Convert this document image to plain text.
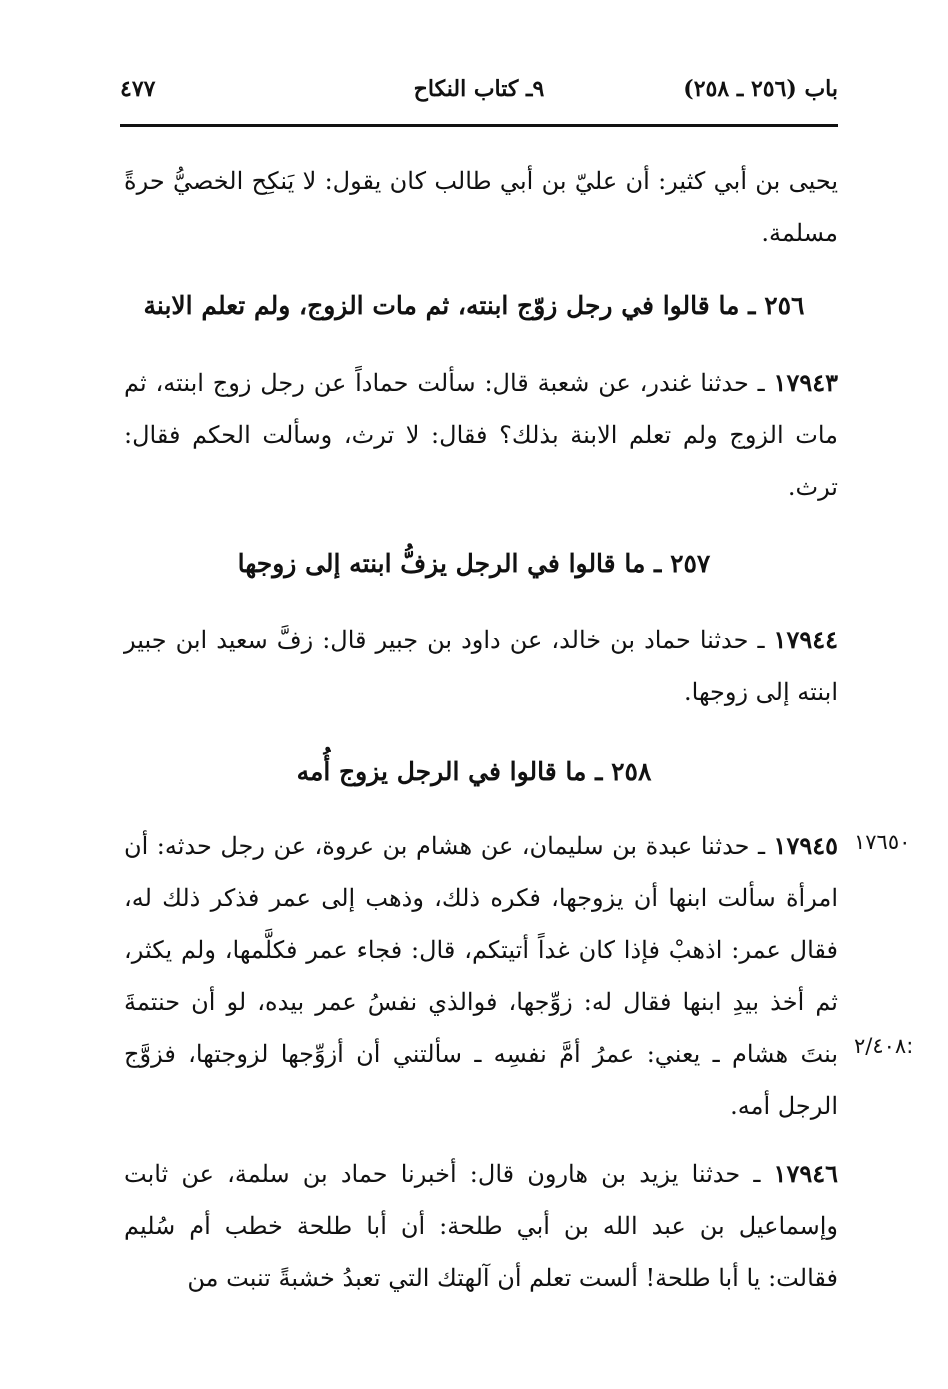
باب (٢٥٦ ـ ٢٥٨)
٩ـ كتاب النكاح
٤٧٧

يحيى بن أبي كثير: أن عليّ بن أبي طالب كان يقول: لا يَنكِح الخصيُّ حرةً مسلمة.

٢٥٦ ـ ما قالوا في رجل زوّج ابنته، ثم مات الزوج، ولم تعلم الابنة

١٧٩٤٣ ـ حدثنا غندر، عن شعبة قال: سألت حماداً عن رجل زوج ابنته، ثم مات الزوج ولم تعلم الابنة بذلك؟ فقال: لا ترث، وسألت الحكم فقال: ترث.

٢٥٧ ـ ما قالوا في الرجل يزفُّ ابنته إلى زوجها

١٧٩٤٤ ـ حدثنا حماد بن خالد، عن داود بن جبير قال: زفَّ سعيد ابن جبير ابنته إلى زوجها.

٢٥٨ ـ ما قالوا في الرجل يزوج أُمه

١٧٩٤٥ ـ حدثنا عبدة بن سليمان، عن هشام بن عروة، عن رجل حدثه: أن امرأة سألت ابنها أن يزوجها، فكره ذلك، وذهب إلى عمر فذكر ذلك له، فقال عمر: اذهبْ فإذا كان غداً أتيتكم، قال: فجاء عمر فكلَّمها، ولم يكثر، ثم أخذ بيدِ ابنها فقال له: زوِّجها، فوالذي نفسُ عمر بيده، لو أن حنتمةَ بنتَ هشام ـ يعني: عمرُ أمَّ نفسِه ـ سألتني أن أزوِّجها لزوجتها، فزوَّج الرجل أمه.

١٧٦٥٠
٢/٤٠٨:

١٧٩٤٦ ـ حدثنا يزيد بن هارون قال: أخبرنا حماد بن سلمة، عن ثابت وإسماعيل بن عبد الله بن أبي طلحة: أن أبا طلحة خطب أم سُليم فقالت: يا أبا طلحة! ألست تعلم أن آلهتك التي تعبدُ خشبةً تنبت من
